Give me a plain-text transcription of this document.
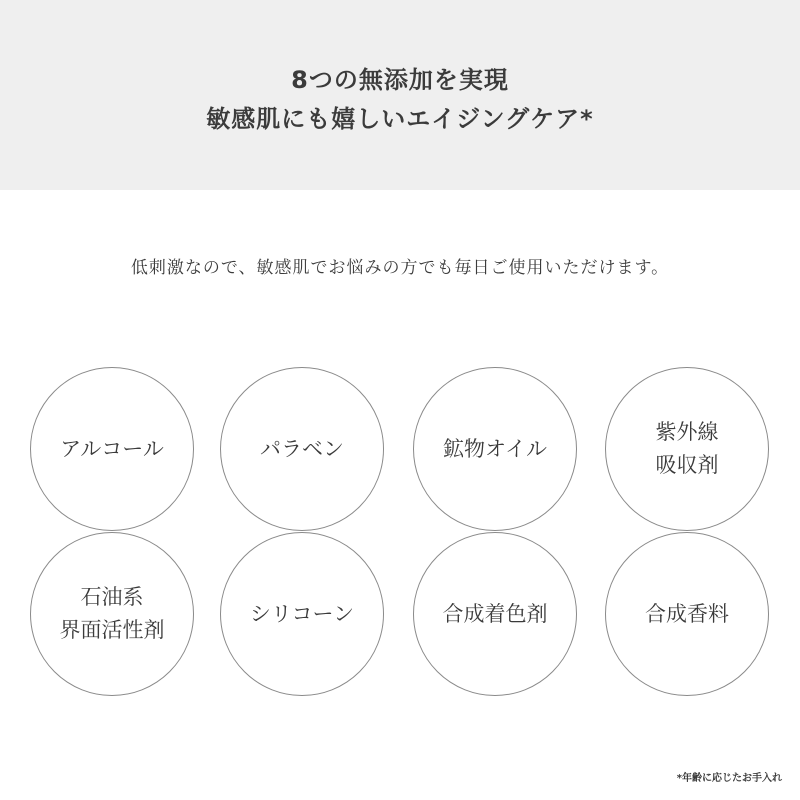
8つの無添加を実現
敏感肌にも嬉しいエイジングケア*
低刺激なので、敏感肌でお悩みの方でも毎日ご使用いただけます。
アルコール	パラベン	鉱物オイル
紫外線
吸収剤
石油系
界面活性剤
シリコーン	合成着色剤	合成香料
*年齢に応じたお手入れ
